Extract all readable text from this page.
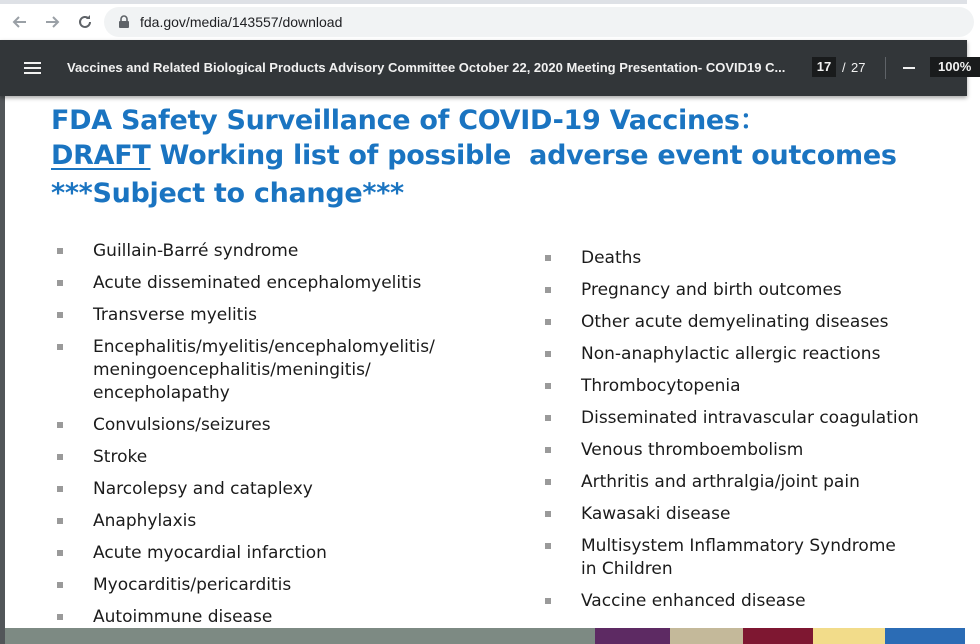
fda.gov/media/143557/download
Vaccines and Related Biological Products Advisory Committee October 22, 2020 Meeting Presentation- COVID19 C...	17 / 27	100%
FDA Safety Surveillance of COVID-19 Vaccines：
DRAFT Working list of possible  adverse event outcomes
***Subject to change***
Guillain-Barré syndrome
Acute disseminated encephalomyelitis
Transverse myelitis
Encephalitis/myelitis/encephalomyelitis/
meningoencephalitis/meningitis/
encepholapathy
Convulsions/seizures
Stroke
Narcolepsy and cataplexy
Anaphylaxis
Acute myocardial infarction
Myocarditis/pericarditis
Autoimmune disease
Deaths
Pregnancy and birth outcomes
Other acute demyelinating diseases
Non-anaphylactic allergic reactions
Thrombocytopenia
Disseminated intravascular coagulation
Venous thromboembolism
Arthritis and arthralgia/joint pain
Kawasaki disease
Multisystem Inflammatory Syndrome
in Children
Vaccine enhanced disease
